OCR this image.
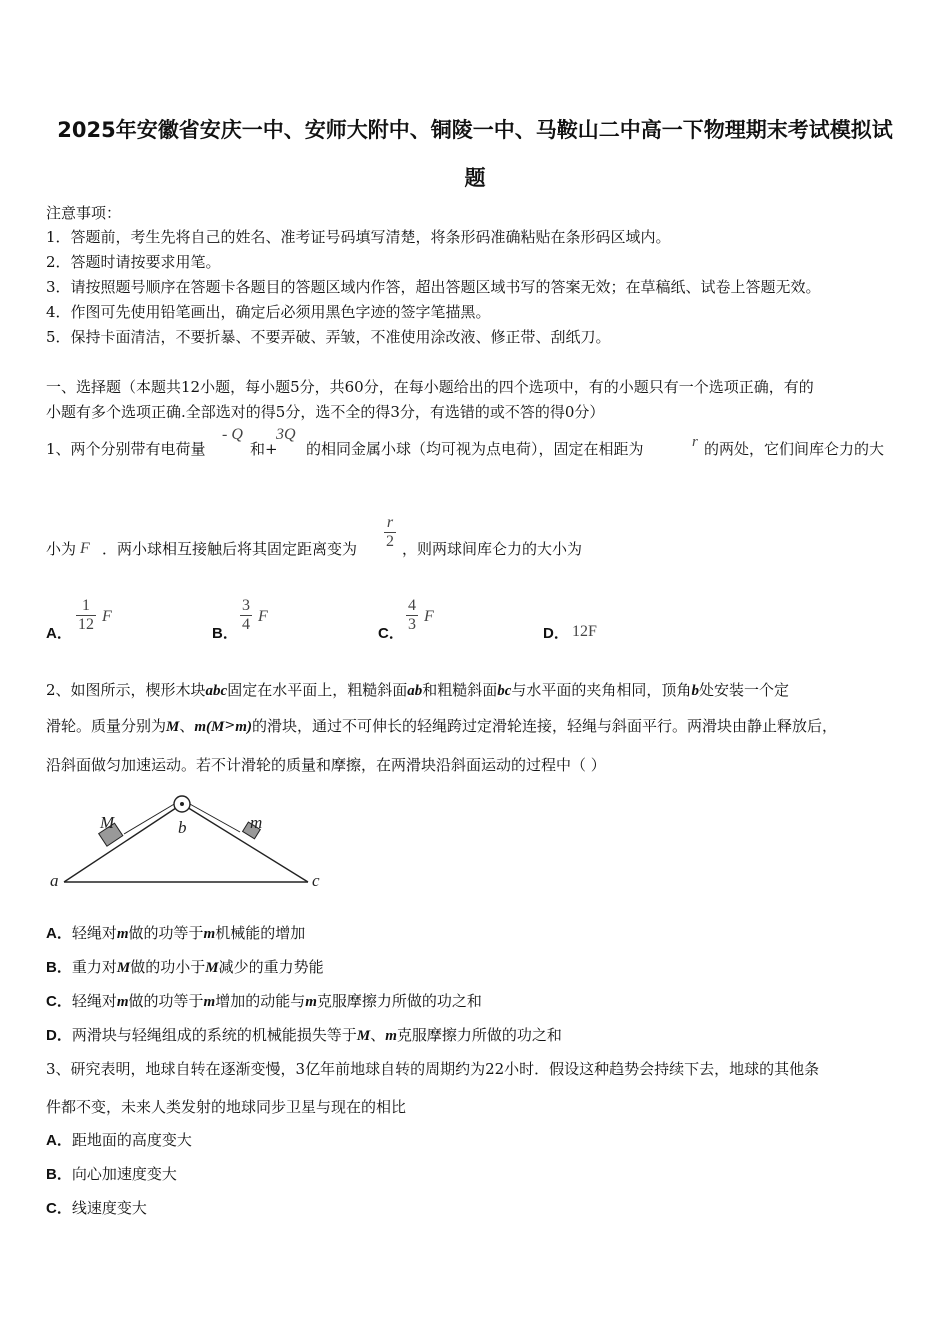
2025年安徽省安庆一中、安师大附中、铜陵一中、马鞍山二中高一下物理期末考试模拟试
题
注意事项：
1．答题前，考生先将自己的姓名、准考证号码填写清楚，将条形码准确粘贴在条形码区域内。
2．答题时请按要求用笔。
3．请按照题号顺序在答题卡各题目的答题区域内作答，超出答题区域书写的答案无效；在草稿纸、试卷上答题无效。
4．作图可先使用铅笔画出，确定后必须用黑色字迹的签字笔描黑。
5．保持卡面清洁，不要折暴、不要弄破、弄皱，不准使用涂改液、修正带、刮纸刀。
一、选择题（本题共12小题，每小题5分，共60分，在每小题给出的四个选项中，有的小题只有一个选项正确，有的
小题有多个选项正确.全部选对的得5分，选不全的得3分，有选错的或不答的得0分）
1、两个分别带有电荷量
- Q
和+
3Q
的相同金属小球（均可视为点电荷），固定在相距为	r 的两处，它们间库仑力的大
小为 F ．两小球相互接触后将其固定距离变为 $\frac{r}{2}$ ，则两球间库仑力的大小为
A． $\frac{1}{12}$ F
B． $\frac{3}{4}$ F
C． $\frac{4}{3}$ F
D． 12F
2、如图所示，楔形木块abc固定在水平面上，粗糙斜面ab和粗糙斜面bc与水平面的夹角相同，顶角b处安装一个定
滑轮。质量分别为M、m(M>m)的滑块，通过不可伸长的轻绳跨过定滑轮连接，轻绳与斜面平行。两滑块由静止释放后，
沿斜面做匀加速运动。若不计滑轮的质量和摩擦，在两滑块沿斜面运动的过程中（ ）
a
b
c
M	m
A．轻绳对m做的功等于m机械能的增加
B．重力对M做的功小于M减少的重力势能
C．轻绳对m做的功等于m增加的动能与m克服摩擦力所做的功之和
D．两滑块与轻绳组成的系统的机械能损失等于M、m克服摩擦力所做的功之和
3、研究表明，地球自转在逐渐变慢，3亿年前地球自转的周期约为22小时．假设这种趋势会持续下去，地球的其他条
件都不变，未来人类发射的地球同步卫星与现在的相比
A．距地面的高度变大
B．向心加速度变大
C．线速度变大
